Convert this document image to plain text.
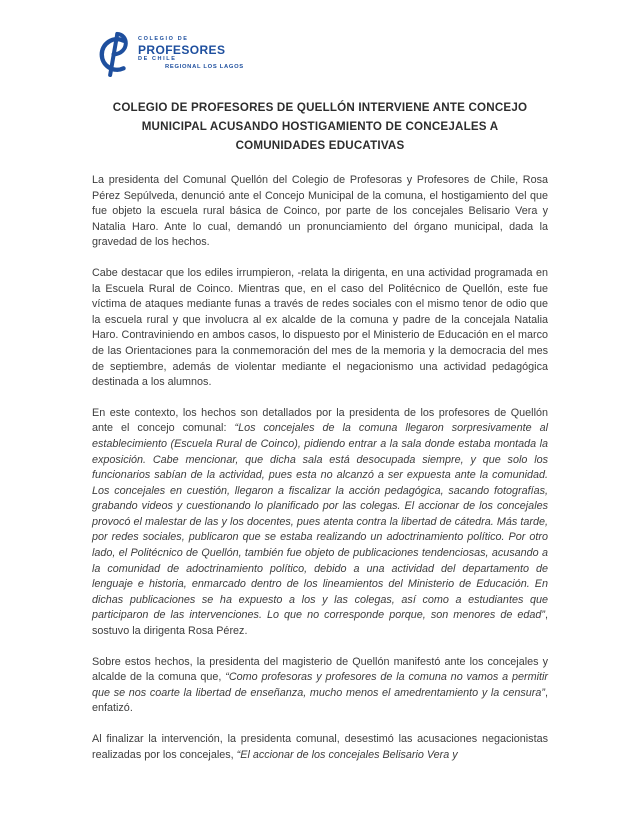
COLEGIO DE
PROFESORES
DE CHILE
REGIONAL LOS LAGOS
COLEGIO DE PROFESORES DE QUELLÓN INTERVIENE ANTE CONCEJO
MUNICIPAL ACUSANDO HOSTIGAMIENTO DE CONCEJALES A
COMUNIDADES EDUCATIVAS

La presidenta del Comunal Quellón del Colegio de Profesoras y Profesores de Chile, Rosa Pérez Sepúlveda, denunció ante el Concejo Municipal de la comuna, el hostigamiento del que fue objeto la escuela rural básica de Coinco, por parte de los concejales Belisario Vera y Natalia Haro. Ante lo cual, demandó un pronunciamiento del órgano municipal, dada la gravedad de los hechos.

Cabe destacar que los ediles irrumpieron, -relata la dirigenta, en una actividad programada en la Escuela Rural de Coinco. Mientras que, en el caso del Politécnico de Quellón, este fue víctima de ataques mediante funas a través de redes sociales con el mismo tenor de odio que la escuela rural y que involucra al ex alcalde de la comuna y padre de la concejala Natalia Haro. Contraviniendo en ambos casos, lo dispuesto por el Ministerio de Educación en el marco de las Orientaciones para la conmemoración del mes de la memoria y la democracia del mes de septiembre, además de violentar mediante el negacionismo una actividad pedagógica destinada a los alumnos.

En este contexto, los hechos son detallados por la presidenta de los profesores de Quellón ante el concejo comunal: “Los concejales de la comuna llegaron sorpresivamente al establecimiento (Escuela Rural de Coinco), pidiendo entrar a la sala donde estaba montada la exposición. Cabe mencionar, que dicha sala está desocupada siempre, y que solo los funcionarios sabían de la actividad, pues esta no alcanzó a ser expuesta ante la comunidad. Los concejales en cuestión, llegaron a fiscalizar la acción pedagógica, sacando fotografías, grabando videos y cuestionando lo planificado por las colegas. El accionar de los concejales provocó el malestar de las y los docentes, pues atenta contra la libertad de cátedra. Más tarde, por redes sociales, publicaron que se estaba realizando un adoctrinamiento político. Por otro lado, el Politécnico de Quellón, también fue objeto de publicaciones tendenciosas, acusando a la comunidad de adoctrinamiento político, debido a una actividad del departamento de lenguaje e historia, enmarcado dentro de los lineamientos del Ministerio de Educación. En dichas publicaciones se ha expuesto a los y las colegas, así como a estudiantes que participaron de las intervenciones. Lo que no corresponde porque, son menores de edad”, sostuvo la dirigenta Rosa Pérez.

Sobre estos hechos, la presidenta del magisterio de Quellón manifestó ante los concejales y alcalde de la comuna que, “Como profesoras y profesores de la comuna no vamos a permitir que se nos coarte la libertad de enseñanza, mucho menos el amedrentamiento y la censura”, enfatizó.

Al finalizar la intervención, la presidenta comunal, desestimó las acusaciones negacionistas realizadas por los concejales, “El accionar de los concejales Belisario Vera y
